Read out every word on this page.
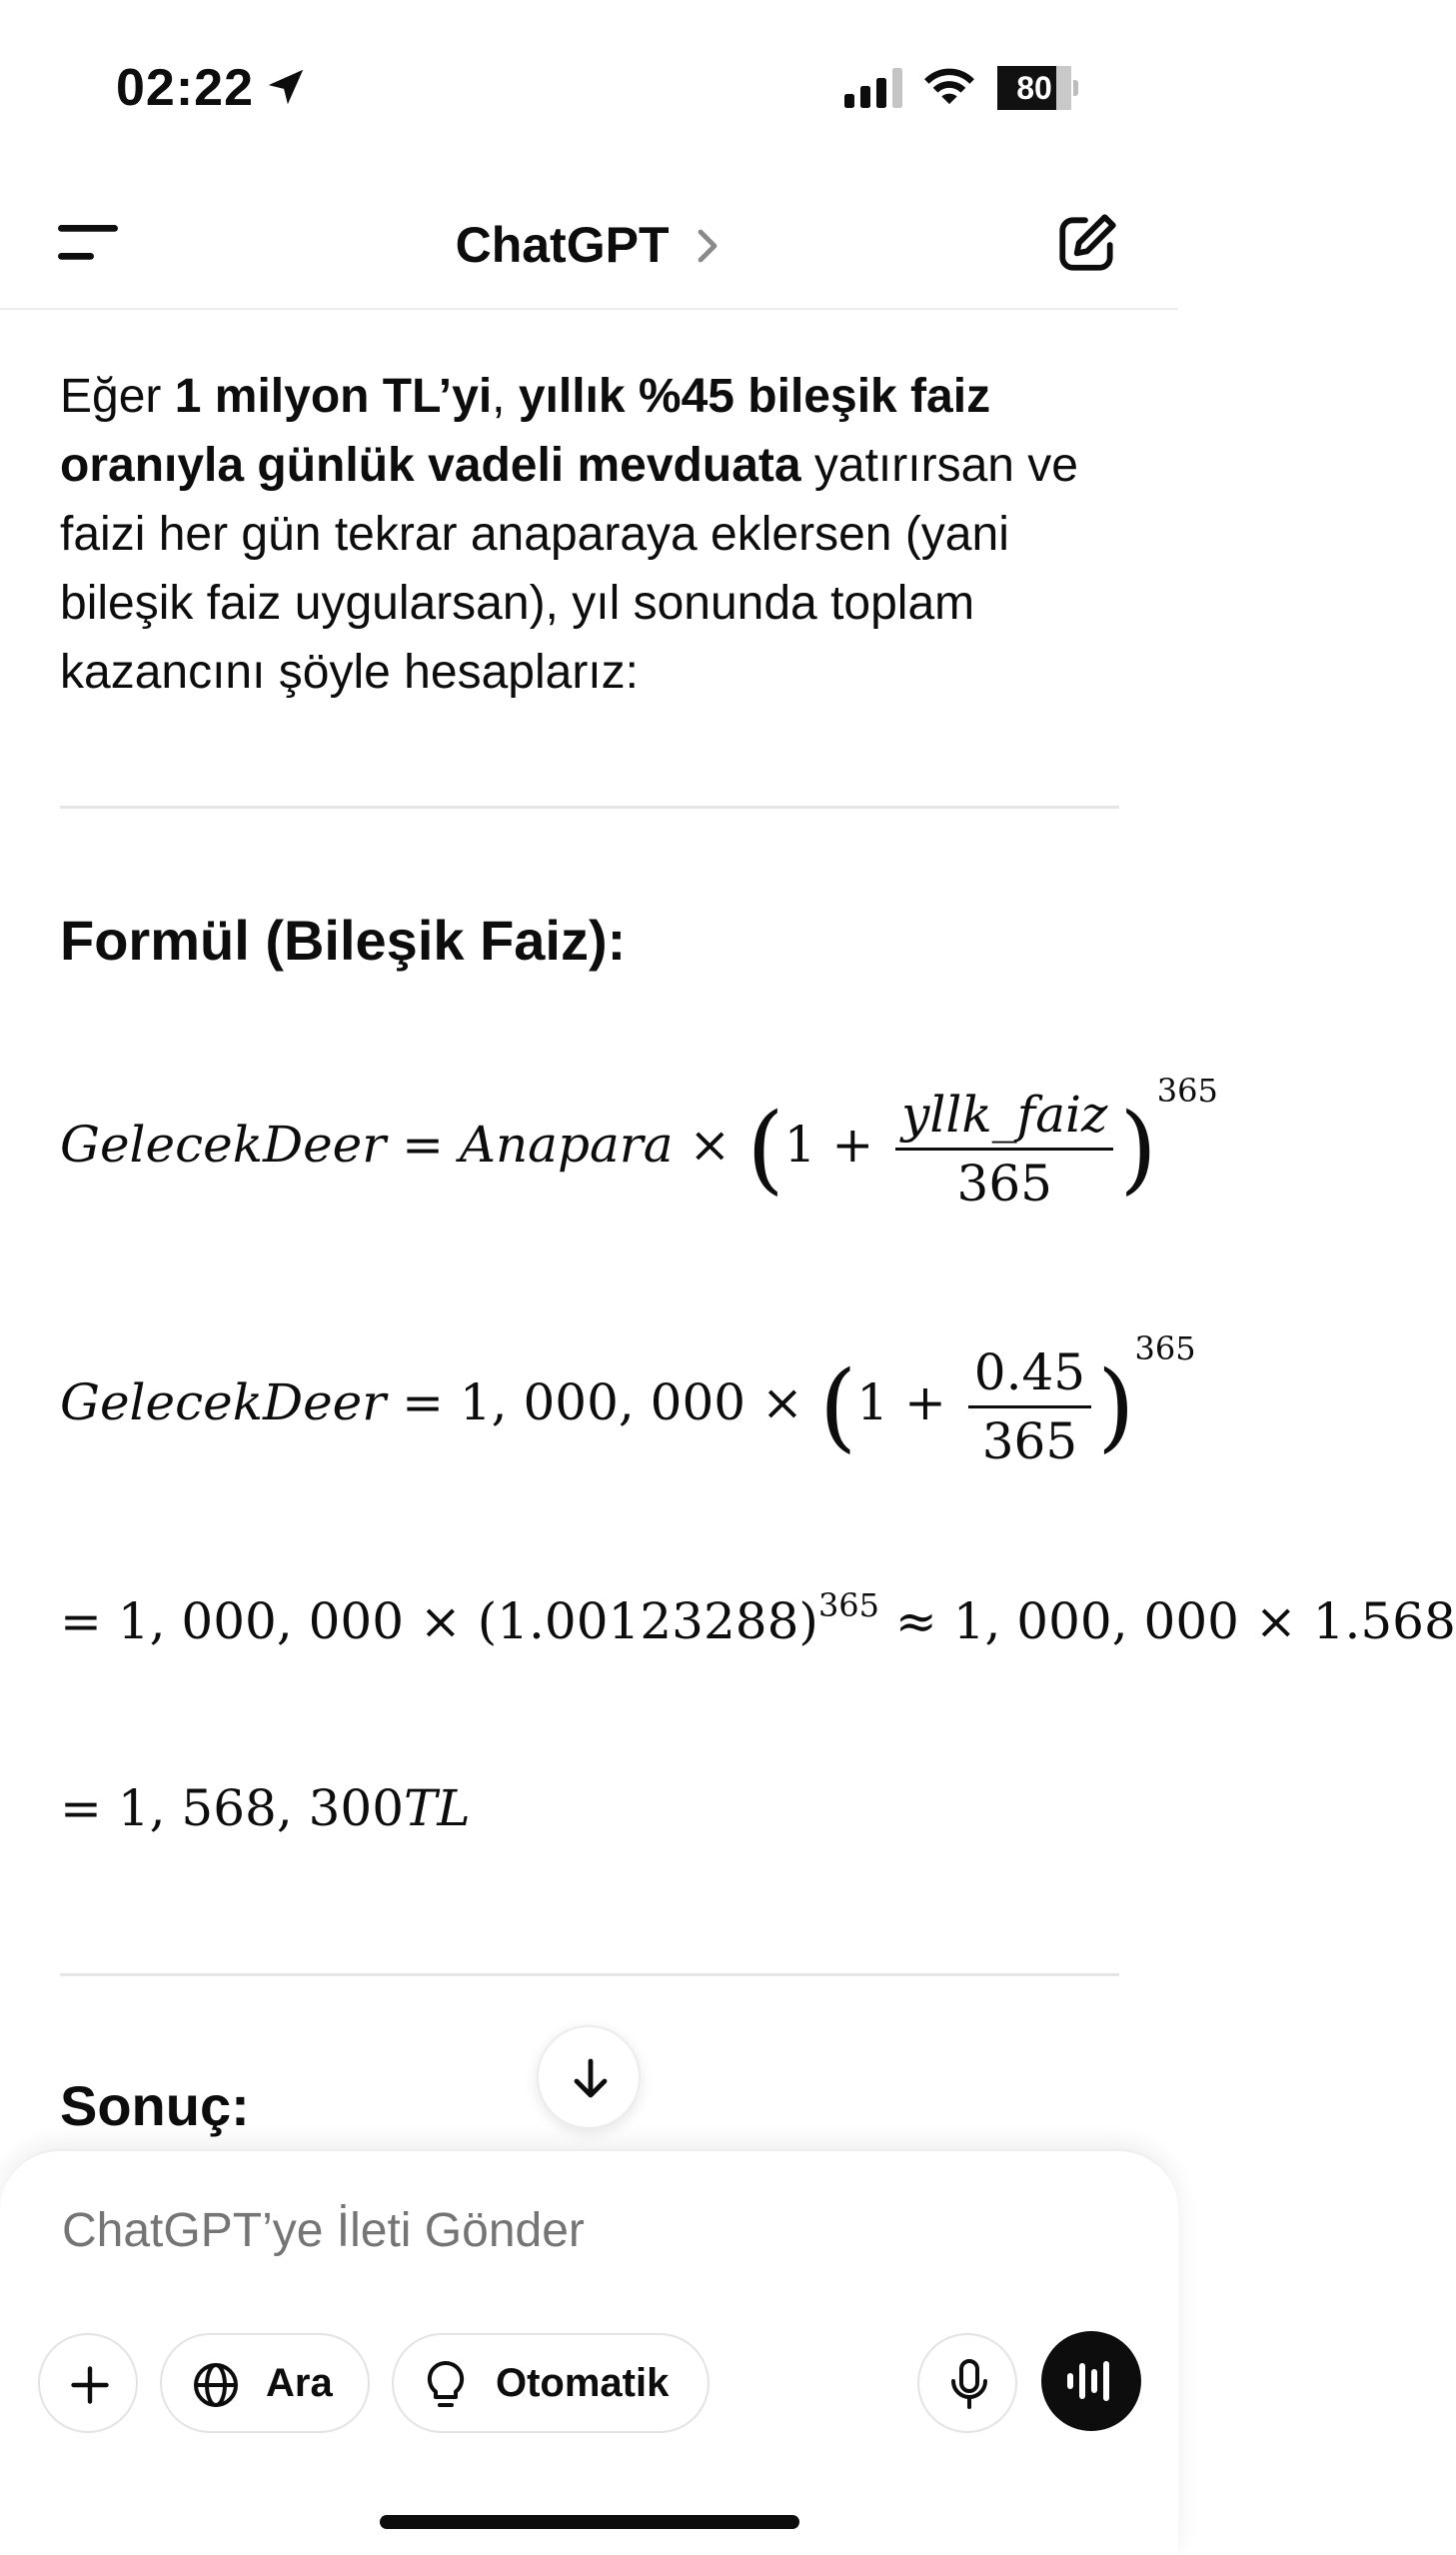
02:22	80
ChatGPT

Eğer 1 milyon TL’yi, yıllık %45 bileşik faiz oranıyla günlük vadeli mevduata yatırırsan ve faizi her gün tekrar anaparaya eklersen (yani bileşik faiz uygularsan), yıl sonunda toplam kazancını şöyle hesaplarız:

Formül (Bileşik Faiz):
GelecekDeer = Anapara × $(1 + \frac{\text{yllk\_faiz}}{365} )^{365}$
GelecekDeer = 1, 000, $000 \times (1 + \frac{0.45}{365} )^{365}$
= 1, 000, $000 \times (1.00123288)^{365} \approx 1$, 000, 000 × 1.568
= 1, 568, 300TL
Sonuç:
ChatGPT’ye İleti Gönder
Ara	Otomatik
